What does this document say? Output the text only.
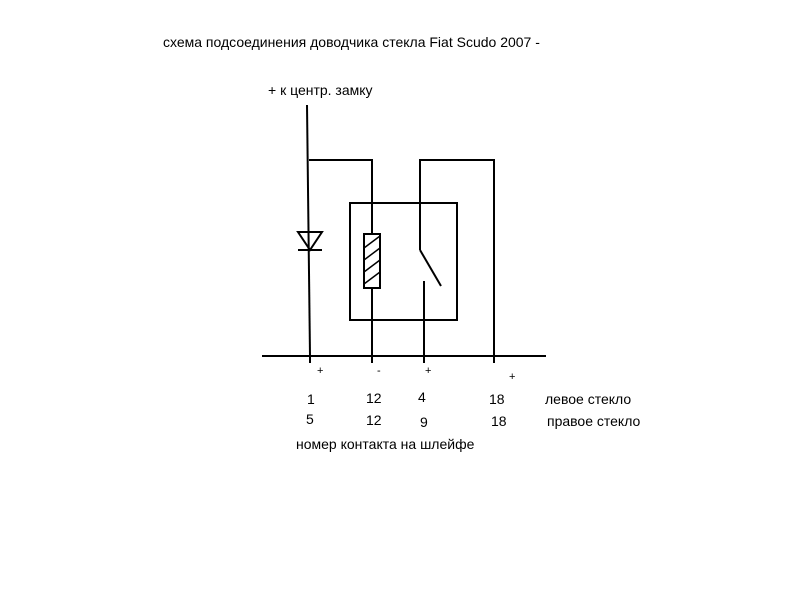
схема подсоединения доводчика стекла Fiat Scudo 2007 -
+ к центр. замку
+	-	+	+
1	12	4	18	левое стекло
5	12	9	18	правое стекло
номер контакта на шлейфе
